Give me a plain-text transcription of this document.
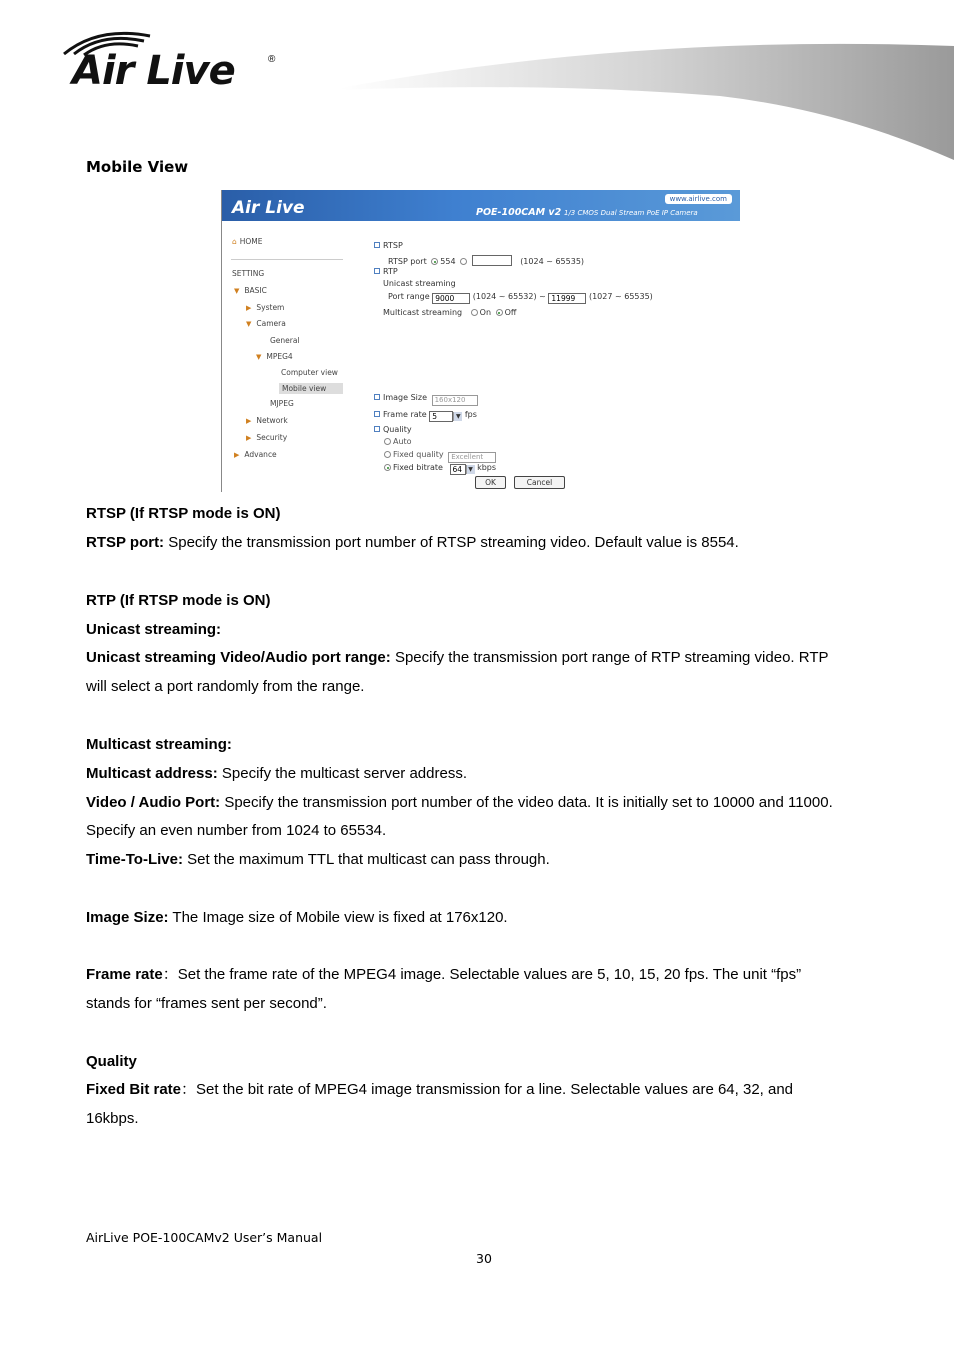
Air Live	®
Mobile View
Air Live	www.airlive.com
POE-100CAM v2 1/3 CMOS Dual Stream PoE IP Camera
⌂ HOME
SETTING
▼ BASIC
▶ System
▼ Camera
General
▼ MPEG4
Computer view
Mobile view
MJPEG
▶ Network
▶ Security
▶ Advance
RTSP
RTSP port 554	(1024 ~ 65535)
RTP
Unicast streaming
Port range 9000 (1024 ~ 65532) ~ 11999 (1027 ~ 65535)
Multicast streaming On Off
Image Size 160x120
Frame rate 5	▼ fps
Quality
Auto
Fixed quality Excellent
Fixed bitrate 64 ▼ kbps
OK	Cancel
RTSP (If RTSP mode is ON)
RTSP port: Specify the transmission port number of RTSP streaming video. Default value is 8554.
RTP (If RTSP mode is ON)
Unicast streaming:
Unicast streaming Video/Audio port range: Specify the transmission port range of RTP streaming video. RTP
will select a port randomly from the range.
Multicast streaming:
Multicast address: Specify the multicast server address.
Video / Audio Port: Specify the transmission port number of the video data. It is initially set to 10000 and 11000.
Specify an even number from 1024 to 65534.
Time-To-Live: Set the maximum TTL that multicast can pass through.
Image Size: The Image size of Mobile view is fixed at 176x120.
Frame rate：Set the frame rate of the MPEG4 image. Selectable values are 5, 10, 15, 20 fps. The unit “fps”
stands for “frames sent per second”.
Quality
Fixed Bit rate：Set the bit rate of MPEG4 image transmission for a line. Selectable values are 64, 32, and
16kbps.
AirLive POE-100CAMv2 User’s Manual
30
